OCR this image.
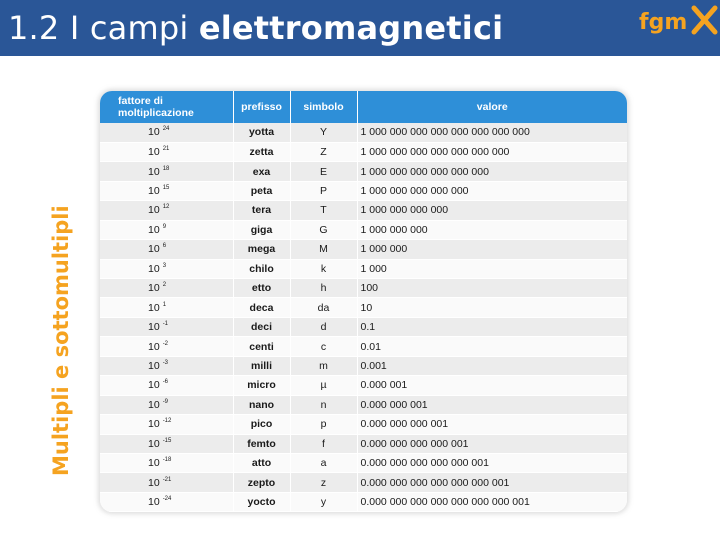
1.2 I campi elettromagnetici	fgm
Multipli e sottomultipli
fattore di moltiplicazione	prefisso	simbolo	valore
10 $^{24}$	yotta	Y	1 000 000 000 000 000 000 000 000
10 $^{21}$	zetta	Z	1 000 000 000 000 000 000 000
10 $^{18}$	exa	E	1 000 000 000 000 000 000
10 $^{15}$	peta	P	1 000 000 000 000 000
10 $^{12}$	tera	T	1 000 000 000 000
10 $^9$	giga	G	1 000 000 000
10 $^6$	mega	M	1 000 000
10 $^3$	chilo	k	1 000
10 $^2$	etto	h	100
10 $^1$	deca	da	10
10 $^{-1}$	deci	d	0.1
10 $^{-2}$	centi	c	0.01
10 $^{-3}$	milli	m	0.001
10 $^{-6}$	micro	µ	0.000 001
10 $^{-9}$	nano	n	0.000 000 001
10 $^{-12}$	pico	p	0.000 000 000 001
10 $^{-15}$	femto	f	0.000 000 000 000 001
10 $^{-18}$	atto	a	0.000 000 000 000 000 001
10 $^{-21}$	zepto	z	0.000 000 000 000 000 000 001
10 $^{-24}$	yocto	y	0.000 000 000 000 000 000 000 001
